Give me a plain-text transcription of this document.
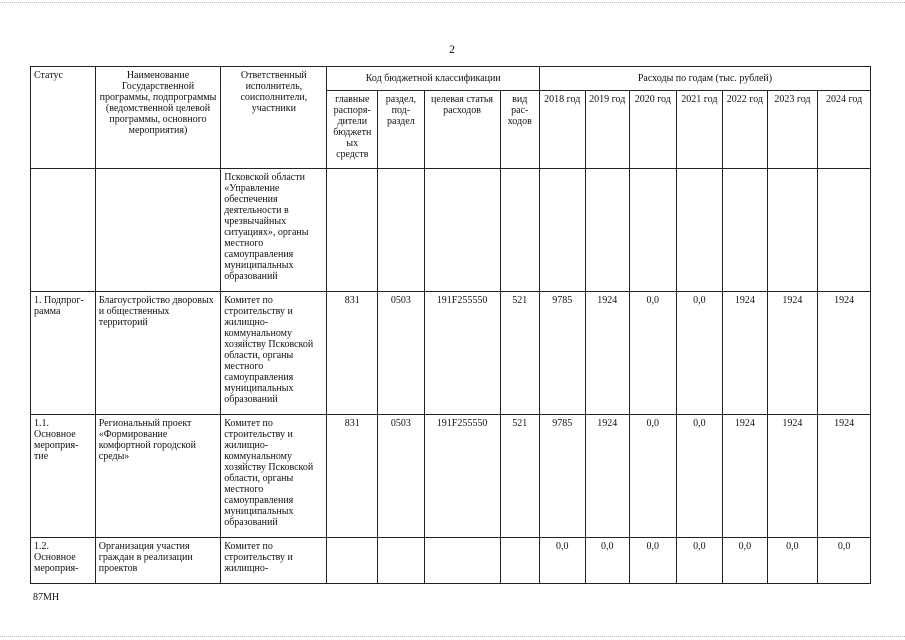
2
Статус	Наименование Государственной программы, подпрограммы (ведомственной целевой программы, основного мероприятия)	Ответственный исполнитель, соисполнители, участники	Код бюджетной классификации				Расходы по годам (тыс. рублей)						
			главные распоря-дители бюджетн ых средств	раздел, под-раздел	целевая статья расходов	вид рас-ходов	2018 год	2019 год	2020 год	2021 год	2022 год	2023 год	2024 год
		Псковской области «Управление обеспечения деятельности в чрезвычайных ситуациях», органы местного самоуправления муниципальных образований											
1. Подпрог-рамма	Благоустройство дворовых и общественных территорий	Комитет по строительству и жилищно-коммунальному хозяйству Псковской области, органы местного самоуправления муниципальных образований	831	0503	191F255550	521	9785	1924	0,0	0,0	1924	1924	1924
1.1. Основное мероприя-тие	Региональный проект «Формирование комфортной городской среды»	Комитет по строительству и жилищно-коммунальному хозяйству Псковской области, органы местного самоуправления муниципальных образований	831	0503	191F255550	521	9785	1924	0,0	0,0	1924	1924	1924
1.2. Основное мероприя-	Организация участия граждан в реализации проектов	Комитет по строительству и жилищно-					0,0	0,0	0,0	0,0	0,0	0,0	0,0
87МН
